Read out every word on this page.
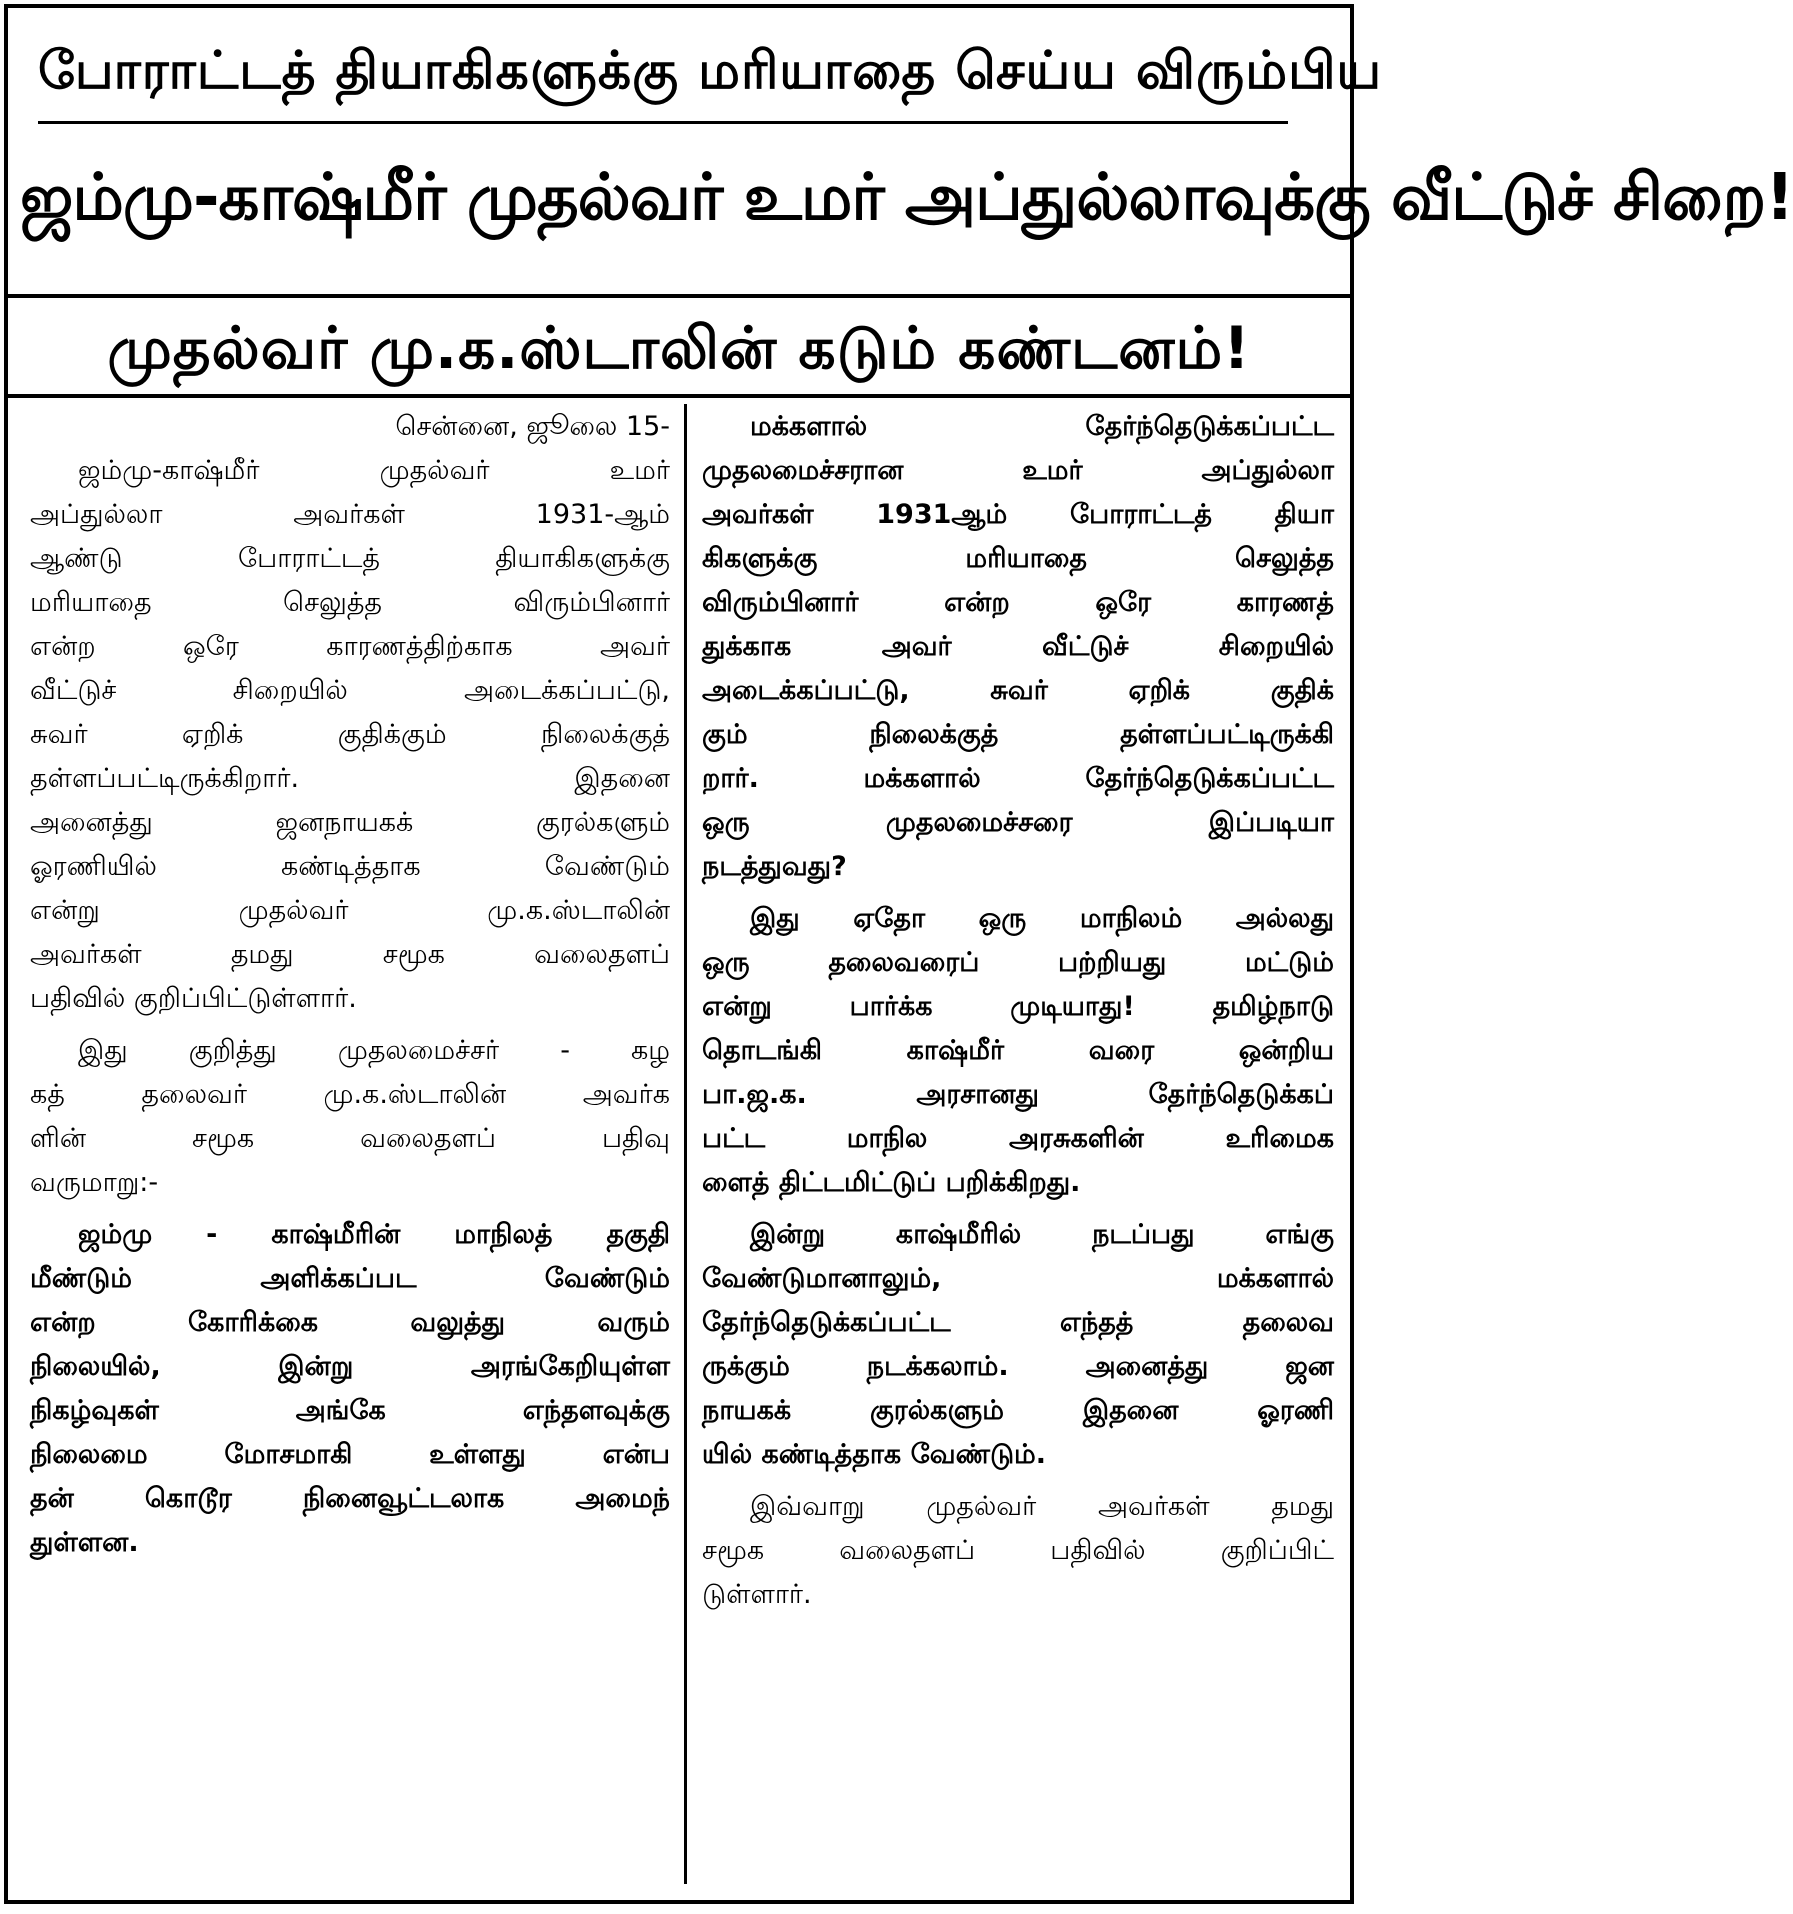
போராட்டத் தியாகிகளுக்கு மரியாதை செய்ய விரும்பிய
ஜம்மு-காஷ்மீர் முதல்வர் உமர் அப்துல்லாவுக்கு வீட்டுச் சிறை!
முதல்வர் மு.க.ஸ்டாலின் கடும் கண்டனம்!
சென்னை, ஜூலை 15-
ஜம்மு-காஷ்மீர் முதல்வர் உமர்
அப்துல்லா அவர்கள் 1931-ஆம்
ஆண்டு போராட்டத் தியாகிகளுக்கு
மரியாதை செலுத்த விரும்பினார்
என்ற ஒரே காரணத்திற்காக அவர்
வீட்டுச் சிறையில் அடைக்கப்பட்டு,
சுவர் ஏறிக் குதிக்கும் நிலைக்குத்
தள்ளப்பட்டிருக்கிறார். இதனை
அனைத்து ஜனநாயகக் குரல்களும்
ஓரணியில் கண்டித்தாக வேண்டும்
என்று முதல்வர் மு.க.ஸ்டாலின்
அவர்கள் தமது சமூக வலைதளப்
பதிவில் குறிப்பிட்டுள்ளார்.
இது குறித்து முதலமைச்சர் - கழ
கத் தலைவர் மு.க.ஸ்டாலின் அவர்க
ளின் சமூக வலைதளப் பதிவு
வருமாறு:-
ஜம்மு - காஷ்மீரின் மாநிலத் தகுதி
மீண்டும் அளிக்கப்பட வேண்டும்
என்ற கோரிக்கை வலுத்து வரும்
நிலையில், இன்று அரங்கேறியுள்ள
நிகழ்வுகள் அங்கே எந்தளவுக்கு
நிலைமை மோசமாகி உள்ளது என்ப
தன் கொடூர நினைவூட்டலாக அமைந்
துள்ளன.
மக்களால் தேர்ந்தெடுக்கப்பட்ட
முதலமைச்சரான உமர் அப்துல்லா
அவர்கள் 1931ஆம் போராட்டத் தியா
கிகளுக்கு மரியாதை செலுத்த
விரும்பினார் என்ற ஒரே காரணத்
துக்காக அவர் வீட்டுச் சிறையில்
அடைக்கப்பட்டு, சுவர் ஏறிக் குதிக்
கும் நிலைக்குத் தள்ளப்பட்டிருக்கி
றார். மக்களால் தேர்ந்தெடுக்கப்பட்ட
ஒரு முதலமைச்சரை இப்படியா
நடத்துவது?
இது ஏதோ ஒரு மாநிலம் அல்லது
ஒரு தலைவரைப் பற்றியது மட்டும்
என்று பார்க்க முடியாது! தமிழ்நாடு
தொடங்கி காஷ்மீர் வரை ஒன்றிய
பா.ஜ.க. அரசானது தேர்ந்தெடுக்கப்
பட்ட மாநில அரசுகளின் உரிமைக
ளைத் திட்டமிட்டுப் பறிக்கிறது.
இன்று காஷ்மீரில் நடப்பது எங்கு
வேண்டுமானாலும், மக்களால்
தேர்ந்தெடுக்கப்பட்ட எந்தத் தலைவ
ருக்கும் நடக்கலாம். அனைத்து ஜன
நாயகக் குரல்களும் இதனை ஓரணி
யில் கண்டித்தாக வேண்டும்.
இவ்வாறு முதல்வர் அவர்கள் தமது
சமூக வலைதளப் பதிவில் குறிப்பிட்
டுள்ளார்.
